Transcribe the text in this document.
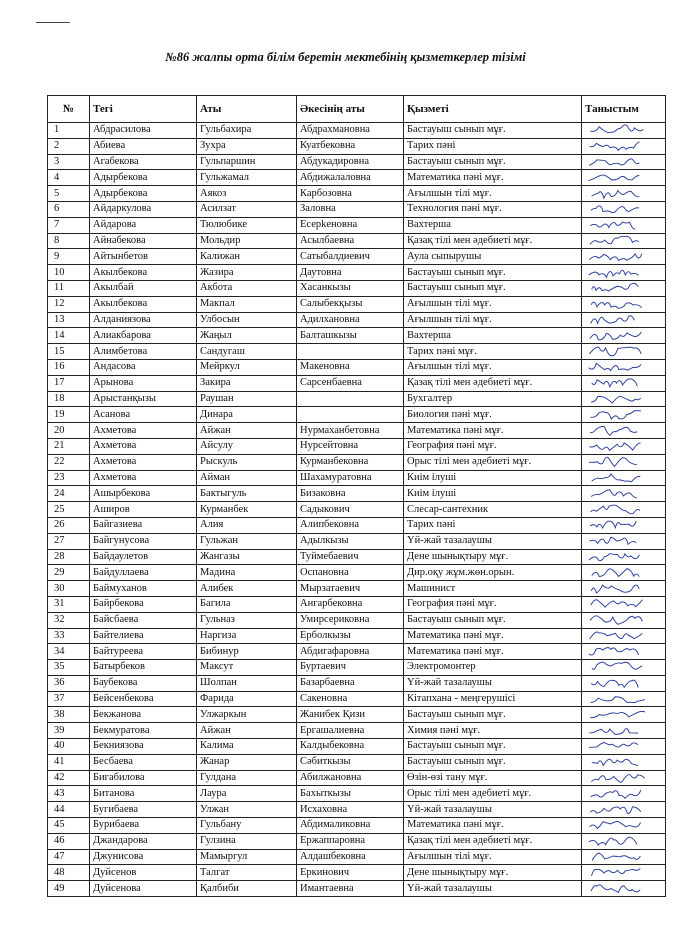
№86 жалпы орта білім беретін мектебінің қызметкерлер тізімі
№	Тегі	Аты	Әкесінің аты	Қызметі	Таныстым
1	Абдрасилова	Гульбахира	Абдрахмановна	Бастауыш сынып мұғ.	

2	Абиева	Зухра	Куатбековна	Тарих пәні	

3	Агабекова	Гульпаршин	Абдукадировна	Бастауыш сынып мұғ.	

4	Адырбекова	Гульжамал	Абдижалаловна	Математика пәні мұғ.	

5	Адырбекова	Аякоз	Карбозовна	Ағылшын тілі мұғ.	

6	Айдаркулова	Асилзат	Заловна	Технология пәні мұғ.	

7	Айдарова	Тюлюбике	Есерkеновна	Вахтерша	

8	Айнабекова	Мольдир	Асылбаевна	Қазақ тілі мен әдебиеті мұғ.	

9	Айтынбетов	Калижан	Сатыбалдиевич	Аула сыпырушы	

10	Акылбекова	Жазира	Даутовна	Бастауыш сынып мұғ.	

11	Акылбай	Акбота	Хасанкызы	Бастауыш сынып мұғ.	

12	Акылбекова	Макпал	Салыбекқызы	Ағылшын тілі мұғ.	

13	Алданиязова	Улбосын	Адилхановна	Ағылшын тілі мұғ.	

14	Алиакбарова	Жаңыл	Балташкызы	Вахтерша	

15	Алимбетова	Сандугаш		Тарих пәні мұғ.	

16	Андасова	Мейркул	Макеновна	Ағылшын тілі мұғ.	

17	Арынова	Закира	Сарсенбаевна	Қазақ тілі мен әдебиеті мұғ.	

18	Арыстанқызы	Раушан		Бухгалтер	

19	Асанова	Динара		Биология пәні мұғ.	

20	Ахметова	Айжан	Нурмаханбетовна	Математика пәні мұғ.	

21	Ахметова	Айсулу	Нурсейтовна	География пәні мұғ.	

22	Ахметова	Рыскуль	Курманбековна	Орыс тілі мен әдебиеті мұғ.	

23	Ахметова	Айман	Шахамуратовна	Киім ілуші	

24	Ашырбекова	Бактыгуль	Бизаковна	Киім ілуші	

25	Аширов	Курманбек	Садыкович	Слесар-сантехник	

26	Байгазиева	Алия	Алипбековна	Тарих пәні	

27	Байгунусова	Гульжан	Адылкызы	Үй-жай тазалаушы	

28	Байдаулетов	Жангазы	Туймебаевич	Дене шынықтыру мұғ.	

29	Байдуллаева	Мадина	Оспановна	Дир.оқу жұм.жөн.орын.	

30	Баймуханов	Алибек	Мырзатаевич	Машинист	

31	Байрбекова	Багила	Ангарбековна	География пәні мұғ.	

32	Байсбаева	Гульназ	Умирсериковна	Бастауыш сынып мұғ.	

33	Байтелиева	Наргиза	Ерболкызы	Математика пәні мұғ.	

34	Байтуреева	Бибинур	Абдигафаровна	Математика пәні мұғ.	

35	Батырбеков	Максут	Буртаевич	Электромонтер	

36	Баубекова	Шолпан	Базарбаевна	Үй-жай тазалаушы	

37	Бейсенбекова	Фарида	Сакеновна	Кітапхана - меңгерушісі	

38	Бекжанова	Улжаркын	Жанибек Қизи	Бастауыш сынып мұғ.	

39	Бекмуратова	Айжан	Ергашалиевна	Химия пәні мұғ.	

40	Бекниязова	Калима	Калдыбековна	Бастауыш сынып мұғ.	

41	Бесбаева	Жанар	Сәбиткызы	Бастауыш сынып мұғ.	

42	Бигабилова	Гулдана	Абилжановна	Өзін-өзі тану мұғ.	

43	Битанова	Лаура	Бахыткызы	Орыс тілі мен әдебиеті мұғ.	

44	Бугибаева	Улжан	Исхаховна	Үй-жай тазалаушы	

45	Бурибаева	Гульбану	Абдималиковна	Математика пәні мұғ.	

46	Джандарова	Гулзина	Ержаппаровна	Қазақ тілі мен әдебиеті мұғ.	

47	Джунисова	Мамыргул	Алдашбековна	Ағылшын тілі мұғ.	

48	Дуйсенов	Талгат	Еркинович	Дене шынықтыру мұғ.	

49	Дуйсенова	Қалбиби	Имантаевна	Үй-жай тазалаушы	
